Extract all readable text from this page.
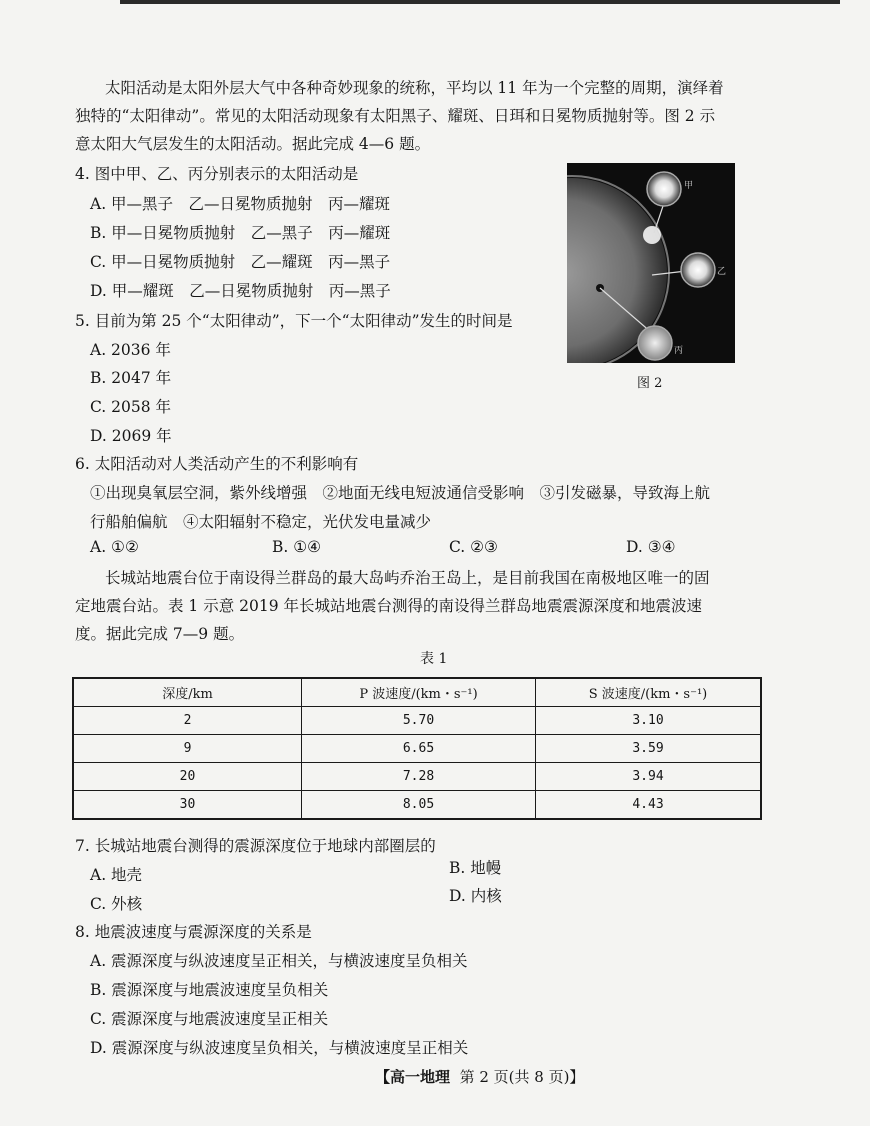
太阳活动是太阳外层大气中各种奇妙现象的统称，平均以 11 年为一个完整的周期，演绎着
独特的“太阳律动”。常见的太阳活动现象有太阳黑子、耀斑、日珥和日冕物质抛射等。图 2 示
意太阳大气层发生的太阳活动。据此完成 4—6 题。
4. 图中甲、乙、丙分别表示的太阳活动是
A. 甲—黑子　乙—日冕物质抛射　丙—耀斑
B. 甲—日冕物质抛射　乙—黑子　丙—耀斑
C. 甲—日冕物质抛射　乙—耀斑　丙—黑子
D. 甲—耀斑　乙—日冕物质抛射　丙—黑子
甲
乙
丙
图 2
5. 目前为第 25 个“太阳律动”，下一个“太阳律动”发生的时间是
A. 2036 年
B. 2047 年
C. 2058 年
D. 2069 年
6. 太阳活动对人类活动产生的不利影响有
①出现臭氧层空洞，紫外线增强　②地面无线电短波通信受影响　③引发磁暴，导致海上航
行船舶偏航　④太阳辐射不稳定，光伏发电量减少
A. ①②	B. ①④	C. ②③	D. ③④
长城站地震台位于南设得兰群岛的最大岛屿乔治王岛上，是目前我国在南极地区唯一的固
定地震台站。表 1 示意 2019 年长城站地震台测得的南设得兰群岛地震震源深度和地震波速
度。据此完成 7—9 题。
表 1
深度/km	P 波速度/(km・s⁻¹)	S 波速度/(km・s⁻¹)
2	5.70	3.10
9	6.65	3.59
20	7.28	3.94
30	8.05	4.43
7. 长城站地震台测得的震源深度位于地球内部圈层的
A. 地壳	B. 地幔
C. 外核	D. 内核
8. 地震波速度与震源深度的关系是
A. 震源深度与纵波速度呈正相关，与横波速度呈负相关
B. 震源深度与地震波速度呈负相关
C. 震源深度与地震波速度呈正相关
D. 震源深度与纵波速度呈负相关，与横波速度呈正相关
【高一地理 第 2 页(共 8 页)】
